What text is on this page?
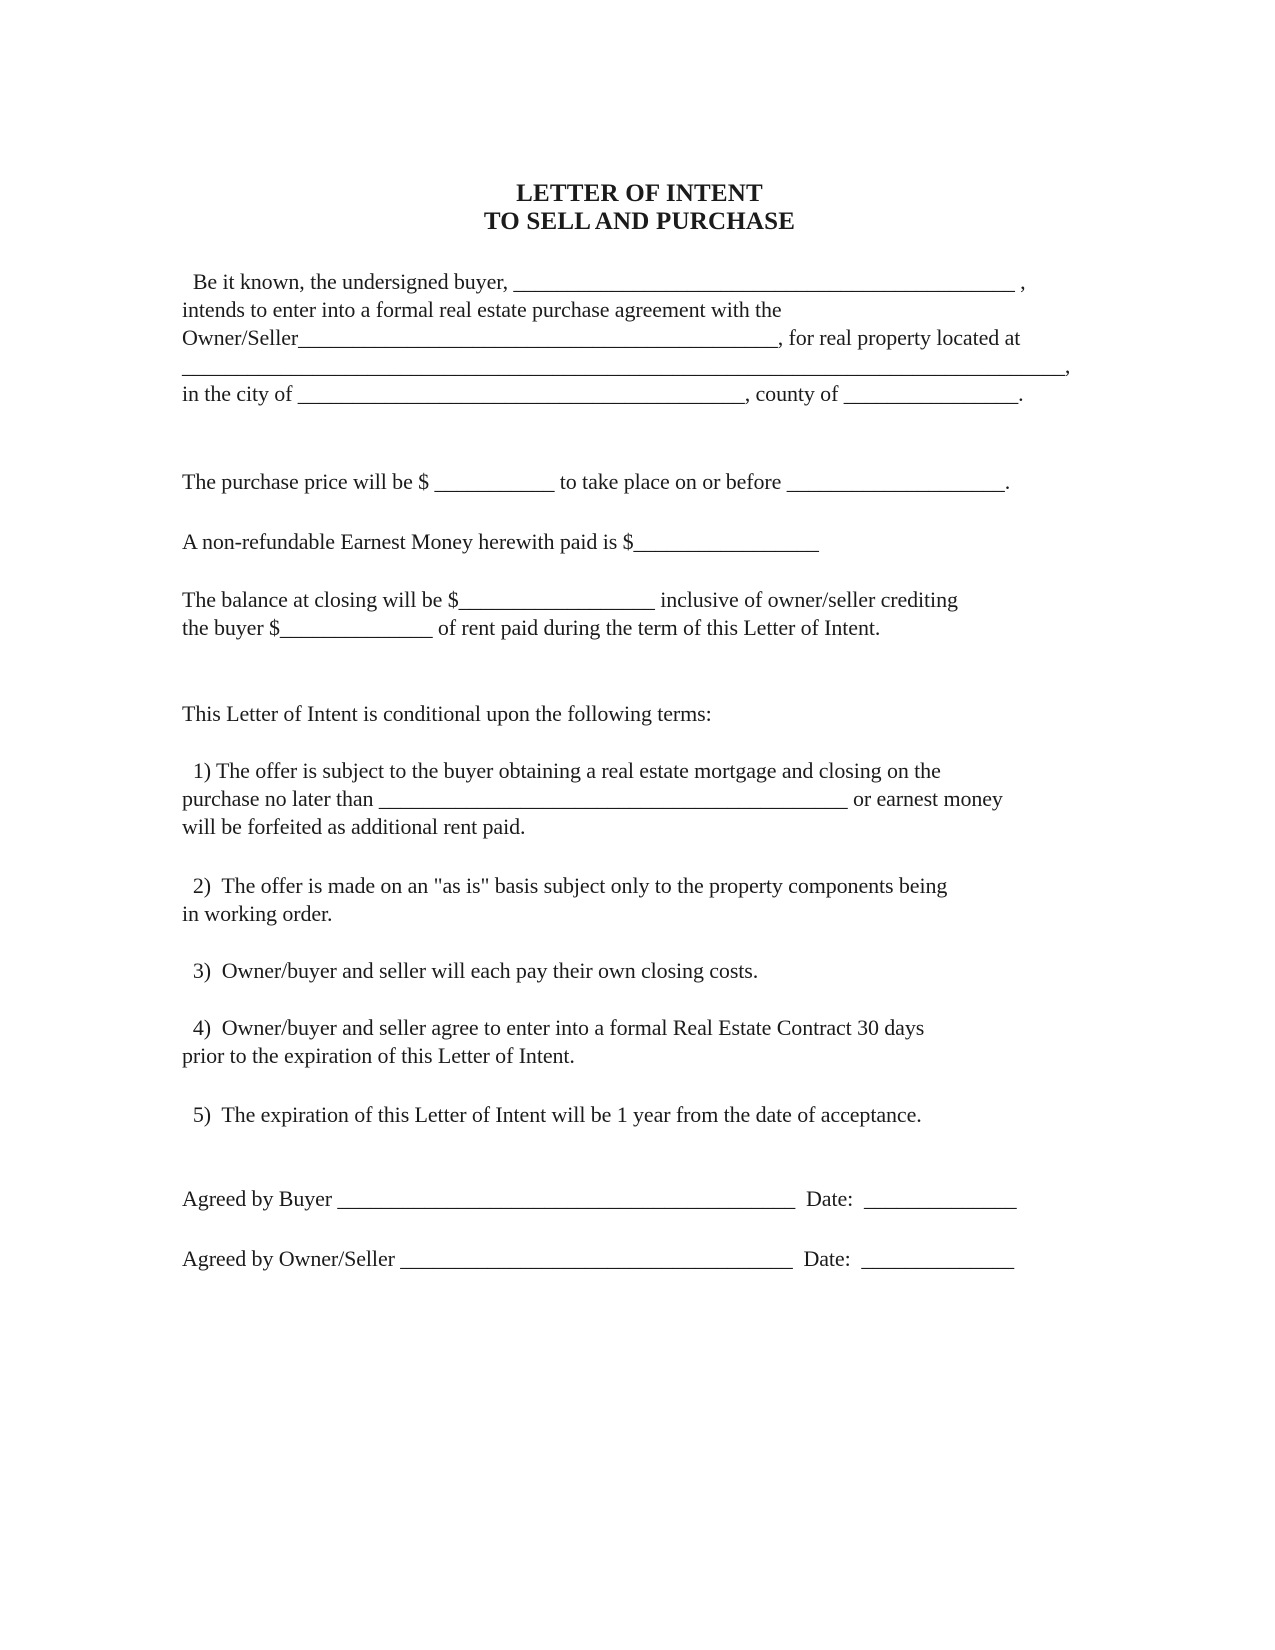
LETTER OF INTENT
TO SELL AND PURCHASE
Be it known, the undersigned buyer, ______________________________________________ ,
intends to enter into a formal real estate purchase agreement with the
Owner/Seller____________________________________________, for real property located at
_________________________________________________________________________________,
in the city of _________________________________________, county of ________________.
The purchase price will be $ ___________ to take place on or before ____________________.
A non-refundable Earnest Money herewith paid is $_________________
The balance at closing will be $__________________ inclusive of owner/seller crediting
the buyer $______________ of rent paid during the term of this Letter of Intent.
This Letter of Intent is conditional upon the following terms:
1) The offer is subject to the buyer obtaining a real estate mortgage and closing on the
purchase no later than ___________________________________________ or earnest money
will be forfeited as additional rent paid.
2)  The offer is made on an "as is" basis subject only to the property components being
in working order.
3)  Owner/buyer and seller will each pay their own closing costs.
4)  Owner/buyer and seller agree to enter into a formal Real Estate Contract 30 days
prior to the expiration of this Letter of Intent.
5)  The expiration of this Letter of Intent will be 1 year from the date of acceptance.
Agreed by Buyer __________________________________________  Date:  ______________
Agreed by Owner/Seller ____________________________________  Date:  ______________
